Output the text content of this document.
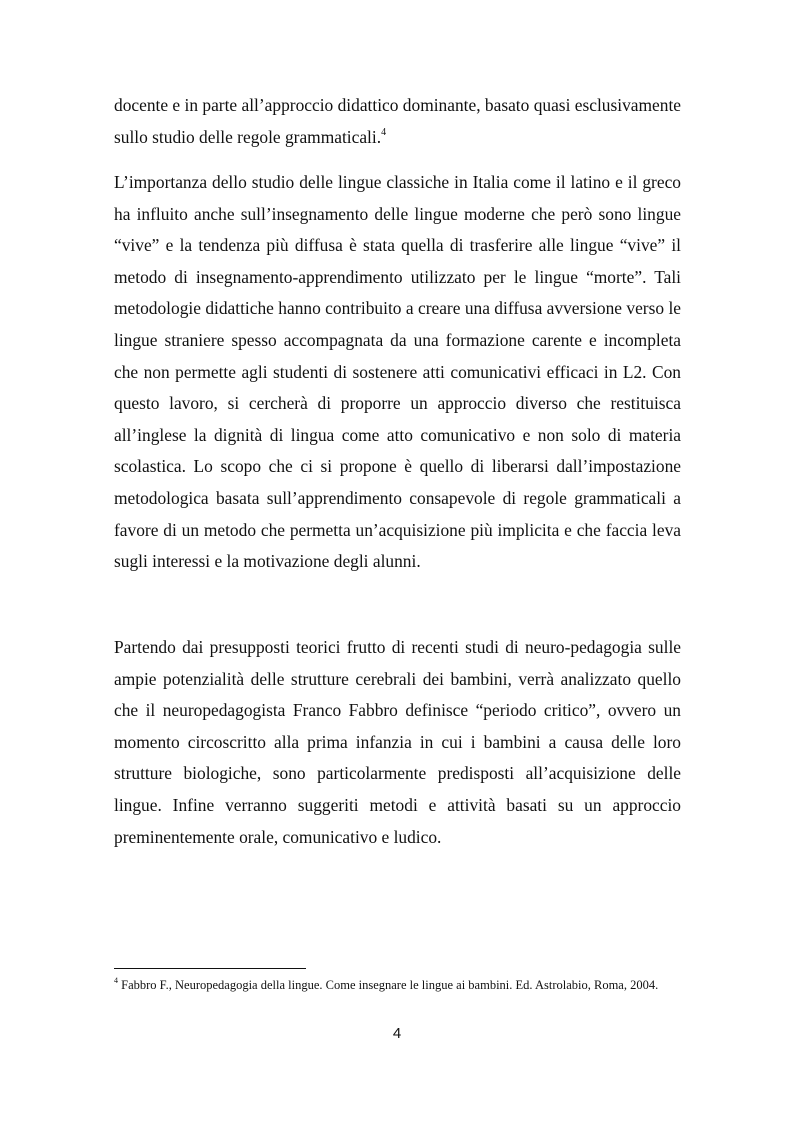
docente e in parte all’approccio didattico dominante, basato quasi esclusivamente sullo studio delle regole grammaticali.$^4$

L’importanza dello studio delle lingue classiche in Italia come il latino e il greco ha influito anche sull’insegnamento delle lingue moderne che però sono lingue “vive” e la tendenza più diffusa è stata quella di trasferire alle lingue “vive” il metodo di insegnamento-apprendimento utilizzato per le lingue “morte”. Tali metodologie didattiche hanno contribuito a creare una diffusa avversione verso le lingue straniere spesso accompagnata da una formazione carente e incompleta che non permette agli studenti di sostenere atti comunicativi efficaci in L2. Con questo lavoro, si cercherà di proporre un approccio diverso che restituisca all’inglese la dignità di lingua come atto comunicativo e non solo di materia scolastica. Lo scopo che ci si propone è quello di liberarsi dall’impostazione metodologica basata sull’apprendimento consapevole di regole grammaticali a favore di un metodo che permetta un’acquisizione più implicita e che faccia leva sugli interessi e la motivazione degli alunni.

Partendo dai presupposti teorici frutto di recenti studi di neuro-pedagogia sulle ampie potenzialità delle strutture cerebrali dei bambini, verrà analizzato quello che il neuropedagogista Franco Fabbro definisce “periodo critico”, ovvero un momento circoscritto alla prima infanzia in cui i bambini a causa delle loro strutture biologiche, sono particolarmente predisposti all’acquisizione delle lingue. Infine verranno suggeriti metodi e attività basati su un approccio preminentemente orale, comunicativo e ludico.

$^4$ Fabbro F., Neuropedagogia della lingue. Come insegnare le lingue ai bambini. Ed. Astrolabio, Roma, 2004.
4
